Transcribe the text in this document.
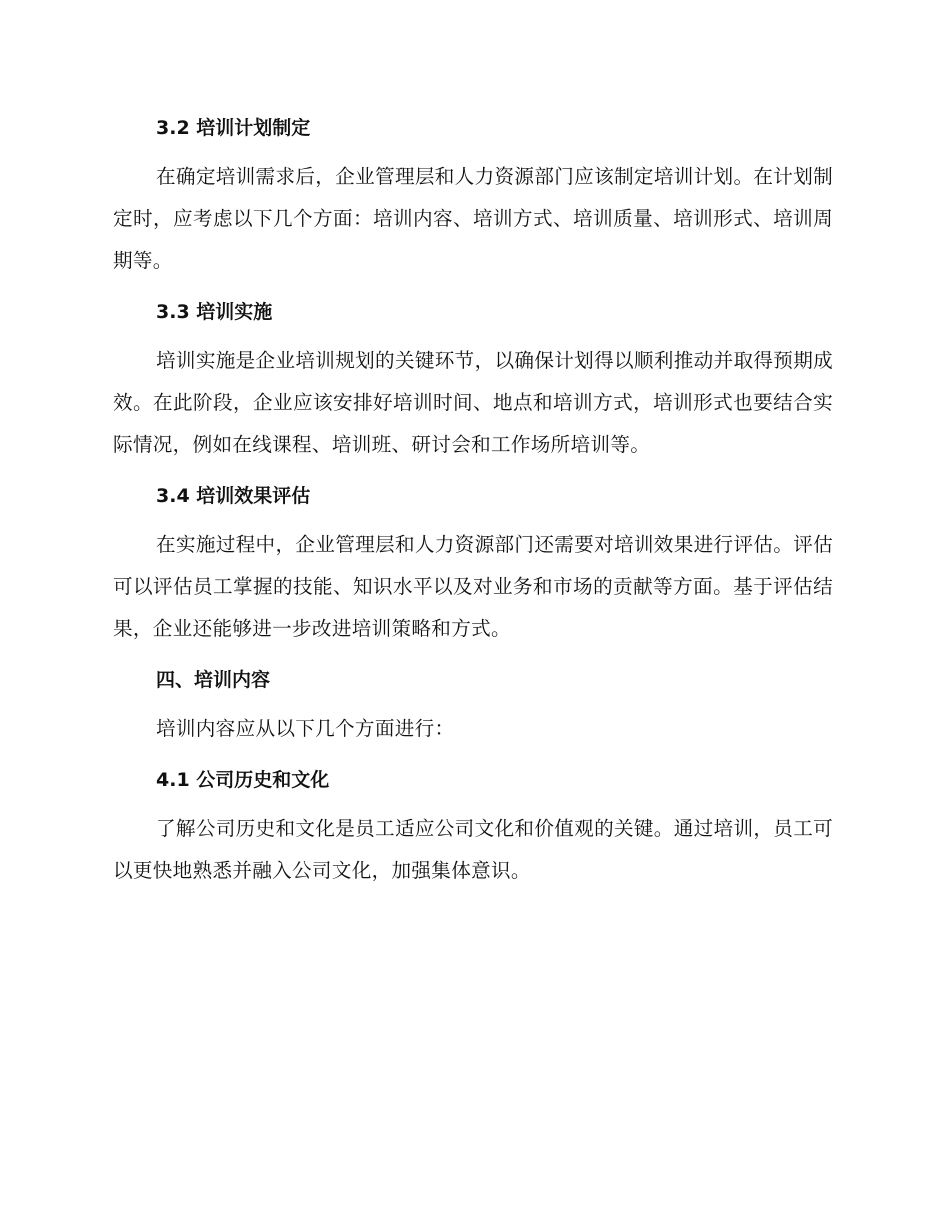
3.2 培训计划制定

在确定培训需求后，企业管理层和人力资源部门应该制定培训计划。在计划制定时，应考虑以下几个方面：培训内容、培训方式、培训质量、培训形式、培训周期等。

3.3 培训实施

培训实施是企业培训规划的关键环节，以确保计划得以顺利推动并取得预期成效。在此阶段，企业应该安排好培训时间、地点和培训方式，培训形式也要结合实际情况，例如在线课程、培训班、研讨会和工作场所培训等。

3.4 培训效果评估

在实施过程中，企业管理层和人力资源部门还需要对培训效果进行评估。评估可以评估员工掌握的技能、知识水平以及对业务和市场的贡献等方面。基于评估结果，企业还能够进一步改进培训策略和方式。

四、培训内容

培训内容应从以下几个方面进行：

4.1 公司历史和文化

了解公司历史和文化是员工适应公司文化和价值观的关键。通过培训，员工可以更快地熟悉并融入公司文化，加强集体意识。
